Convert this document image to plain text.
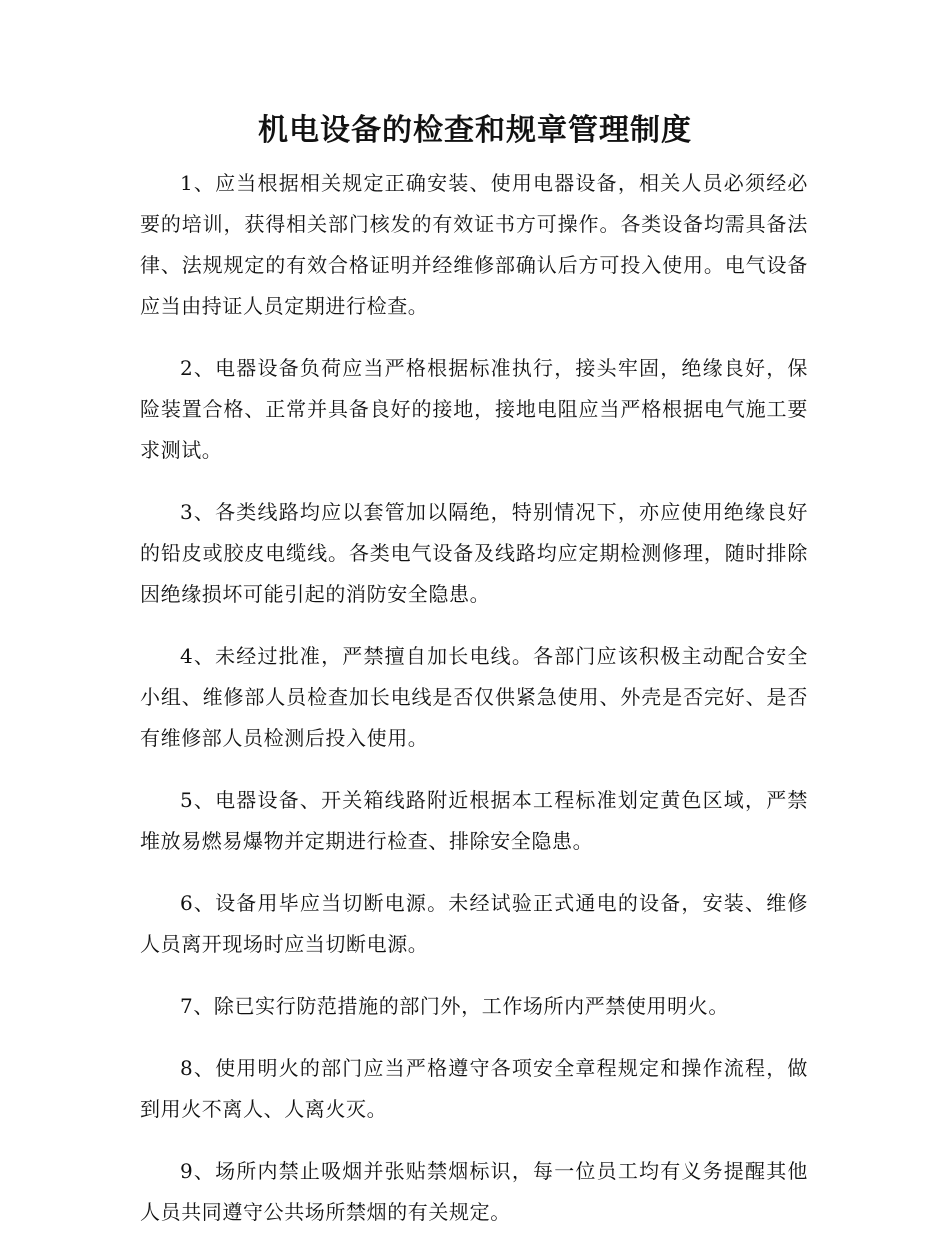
机电设备的检查和规章管理制度

1、应当根据相关规定正确安装、使用电器设备，相关人员必须经必要的培训，获得相关部门核发的有效证书方可操作。各类设备均需具备法律、法规规定的有效合格证明并经维修部确认后方可投入使用。电气设备应当由持证人员定期进行检查。

2、电器设备负荷应当严格根据标准执行，接头牢固，绝缘良好，保险装置合格、正常并具备良好的接地，接地电阻应当严格根据电气施工要求测试。

3、各类线路均应以套管加以隔绝，特别情况下，亦应使用绝缘良好的铅皮或胶皮电缆线。各类电气设备及线路均应定期检测修理，随时排除因绝缘损坏可能引起的消防安全隐患。

4、未经过批准，严禁擅自加长电线。各部门应该积极主动配合安全小组、维修部人员检查加长电线是否仅供紧急使用、外壳是否完好、是否有维修部人员检测后投入使用。

5、电器设备、开关箱线路附近根据本工程标准划定黄色区域，严禁堆放易燃易爆物并定期进行检查、排除安全隐患。

6、设备用毕应当切断电源。未经试验正式通电的设备，安装、维修人员离开现场时应当切断电源。

7、除已实行防范措施的部门外，工作场所内严禁使用明火。

8、使用明火的部门应当严格遵守各项安全章程规定和操作流程，做到用火不离人、人离火灭。

9、场所内禁止吸烟并张贴禁烟标识，每一位员工均有义务提醒其他人员共同遵守公共场所禁烟的有关规定。
